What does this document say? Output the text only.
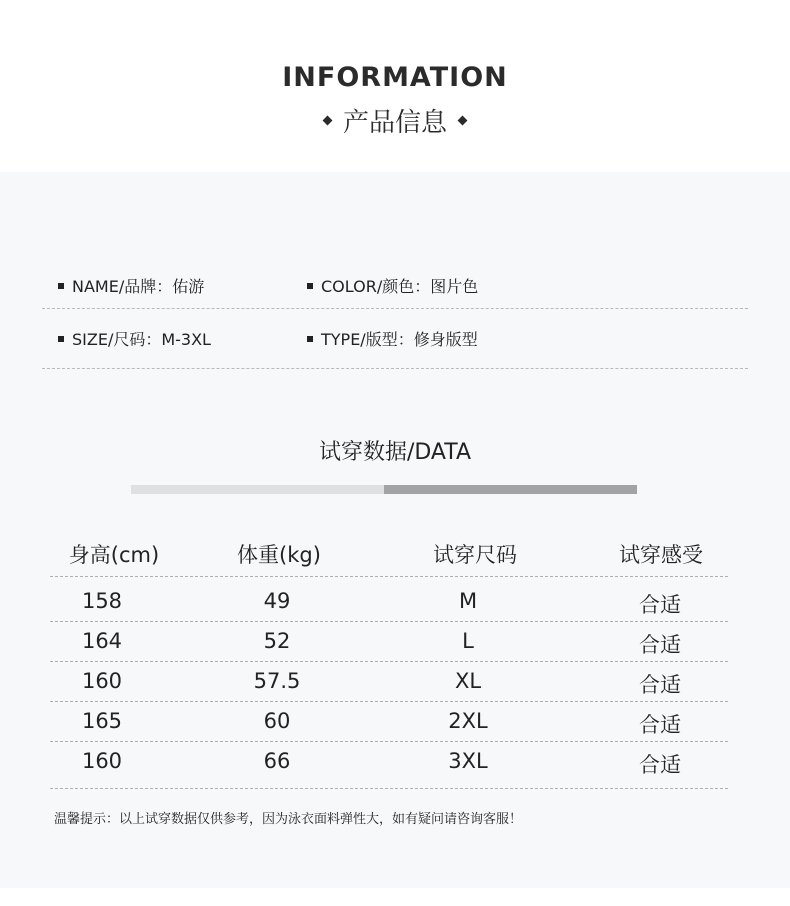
INFORMATION
产品信息
NAME/品牌：佑游	COLOR/颜色：图片色
SIZE/尺码：M-3XL	TYPE/版型：修身版型
试穿数据/DATA
身高(cm)	体重(kg)	试穿尺码	试穿感受
158	49	M	合适
164	52	L	合适
160	57.5	XL	合适
165	60	2XL	合适
160	66	3XL	合适
温馨提示：以上试穿数据仅供参考，因为泳衣面料弹性大，如有疑问请咨询客服！
